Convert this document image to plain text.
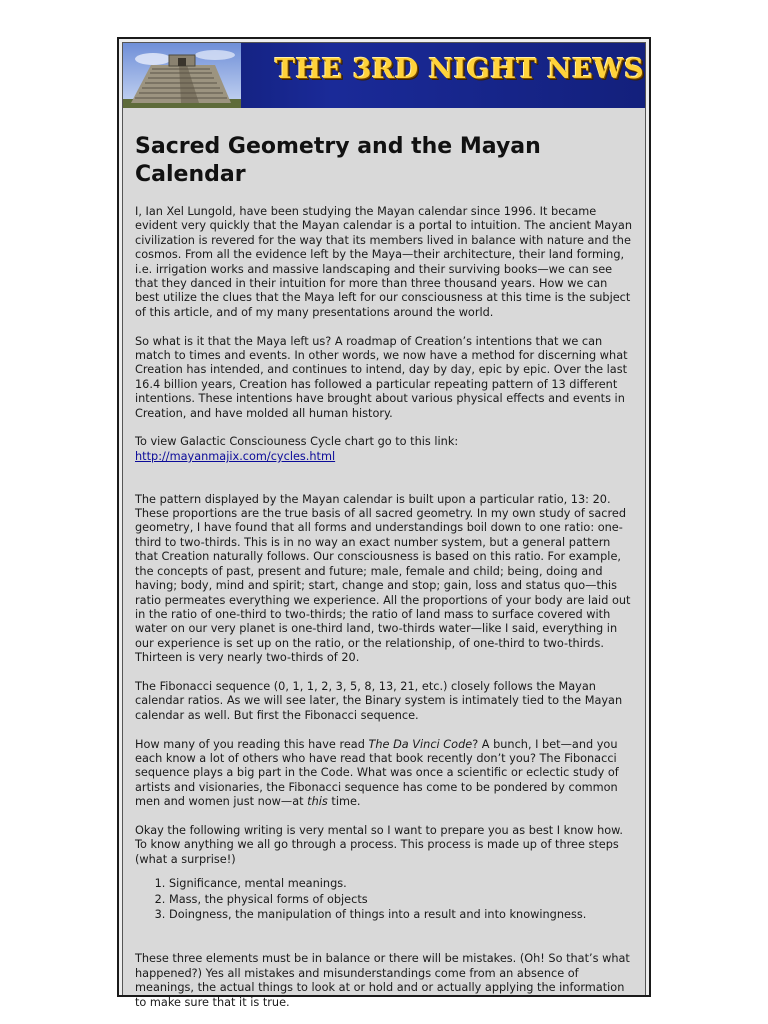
THE 3RD NIGHT NEWS
Sacred Geometry and the Mayan Calendar

I, Ian Xel Lungold, have been studying the Mayan calendar since 1996. It became evident very quickly that the Mayan calendar is a portal to intuition. The ancient Mayan civilization is revered for the way that its members lived in balance with nature and the cosmos. From all the evidence left by the Maya—their architecture, their land forming, i.e. irrigation works and massive landscaping and their surviving books—we can see that they danced in their intuition for more than three thousand years. How we can best utilize the clues that the Maya left for our consciousness at this time is the subject of this article, and of my many presentations around the world.

So what is it that the Maya left us? A roadmap of Creation’s intentions that we can match to times and events. In other words, we now have a method for discerning what Creation has intended, and continues to intend, day by day, epic by epic. Over the last 16.4 billion years, Creation has followed a particular repeating pattern of 13 different intentions. These intentions have brought about various physical effects and events in Creation, and have molded all human history.

To view Galactic Consciouness Cycle chart go to this link:
http://mayanmajix.com/cycles.html

The pattern displayed by the Mayan calendar is built upon a particular ratio, 13: 20. These proportions are the true basis of all sacred geometry. In my own study of sacred geometry, I have found that all forms and understandings boil down to one ratio: one-third to two-thirds. This is in no way an exact number system, but a general pattern that Creation naturally follows. Our consciousness is based on this ratio. For example, the concepts of past, present and future; male, female and child; being, doing and having; body, mind and spirit; start, change and stop; gain, loss and status quo—this ratio permeates everything we experience. All the proportions of your body are laid out in the ratio of one-third to two-thirds; the ratio of land mass to surface covered with water on our very planet is one-third land, two-thirds water—like I said, everything in our experience is set up on the ratio, or the relationship, of one-third to two-thirds. Thirteen is very nearly two-thirds of 20.

The Fibonacci sequence (0, 1, 1, 2, 3, 5, 8, 13, 21, etc.) closely follows the Mayan calendar ratios. As we will see later, the Binary system is intimately tied to the Mayan calendar as well. But first the Fibonacci sequence.

How many of you reading this have read The Da Vinci Code? A bunch, I bet—and you each know a lot of others who have read that book recently don’t you? The Fibonacci sequence plays a big part in the Code. What was once a scientific or eclectic study of artists and visionaries, the Fibonacci sequence has come to be pondered by common men and women just now—at this time.

Okay the following writing is very mental so I want to prepare you as best I know how. To know anything we all go through a process. This process is made up of three steps (what a surprise!)

1. Significance, mental meanings.
2. Mass, the physical forms of objects
3. Doingness, the manipulation of things into a result and into knowingness.

These three elements must be in balance or there will be mistakes. (Oh! So that’s what happened?) Yes all mistakes and misunderstandings come from an absence of meanings, the actual things to look at or hold and or actually applying the information to make sure that it is true.
